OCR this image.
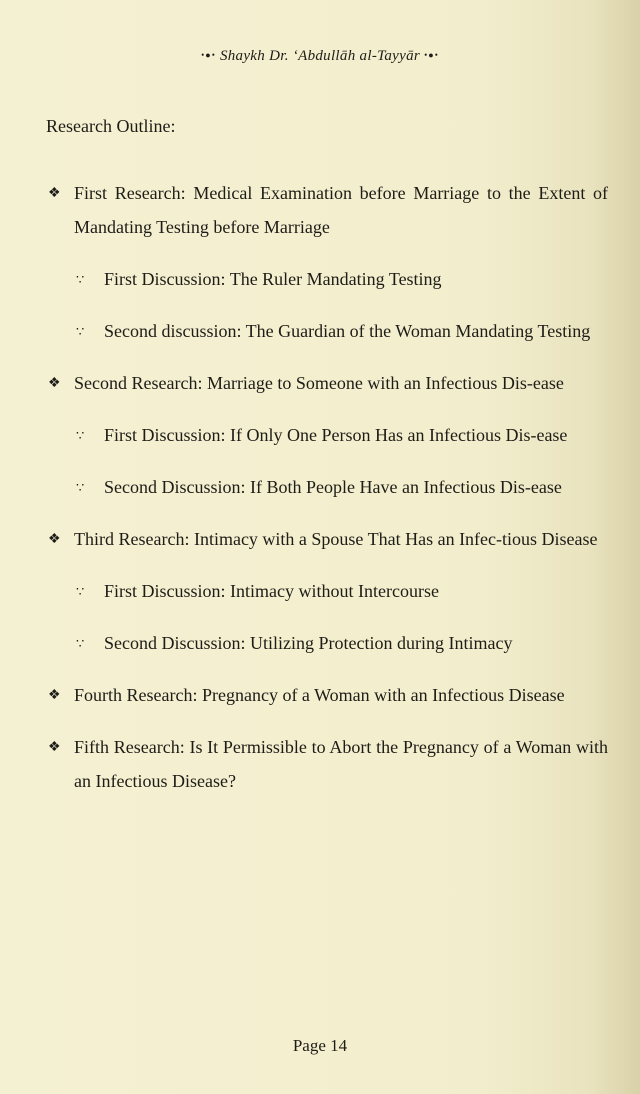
•●• Shaykh Dr. ‘Abdullāh al-Tayyār •●•
Research Outline:
❖ First Research: Medical Examination before Marriage to the Extent of Mandating Testing before Marriage
∵ First Discussion: The Ruler Mandating Testing
∵ Second discussion: The Guardian of the Woman Mandating Testing
❖ Second Research: Marriage to Someone with an Infectious Dis-ease
∵ First Discussion: If Only One Person Has an Infectious Dis-ease
∵ Second Discussion: If Both People Have an Infectious Dis-ease
❖ Third Research: Intimacy with a Spouse That Has an Infec-tious Disease
∵ First Discussion: Intimacy without Intercourse
∵ Second Discussion: Utilizing Protection during Intimacy
❖ Fourth Research: Pregnancy of a Woman with an Infectious Disease
❖ Fifth Research: Is It Permissible to Abort the Pregnancy of a Woman with an Infectious Disease?
Page 14
